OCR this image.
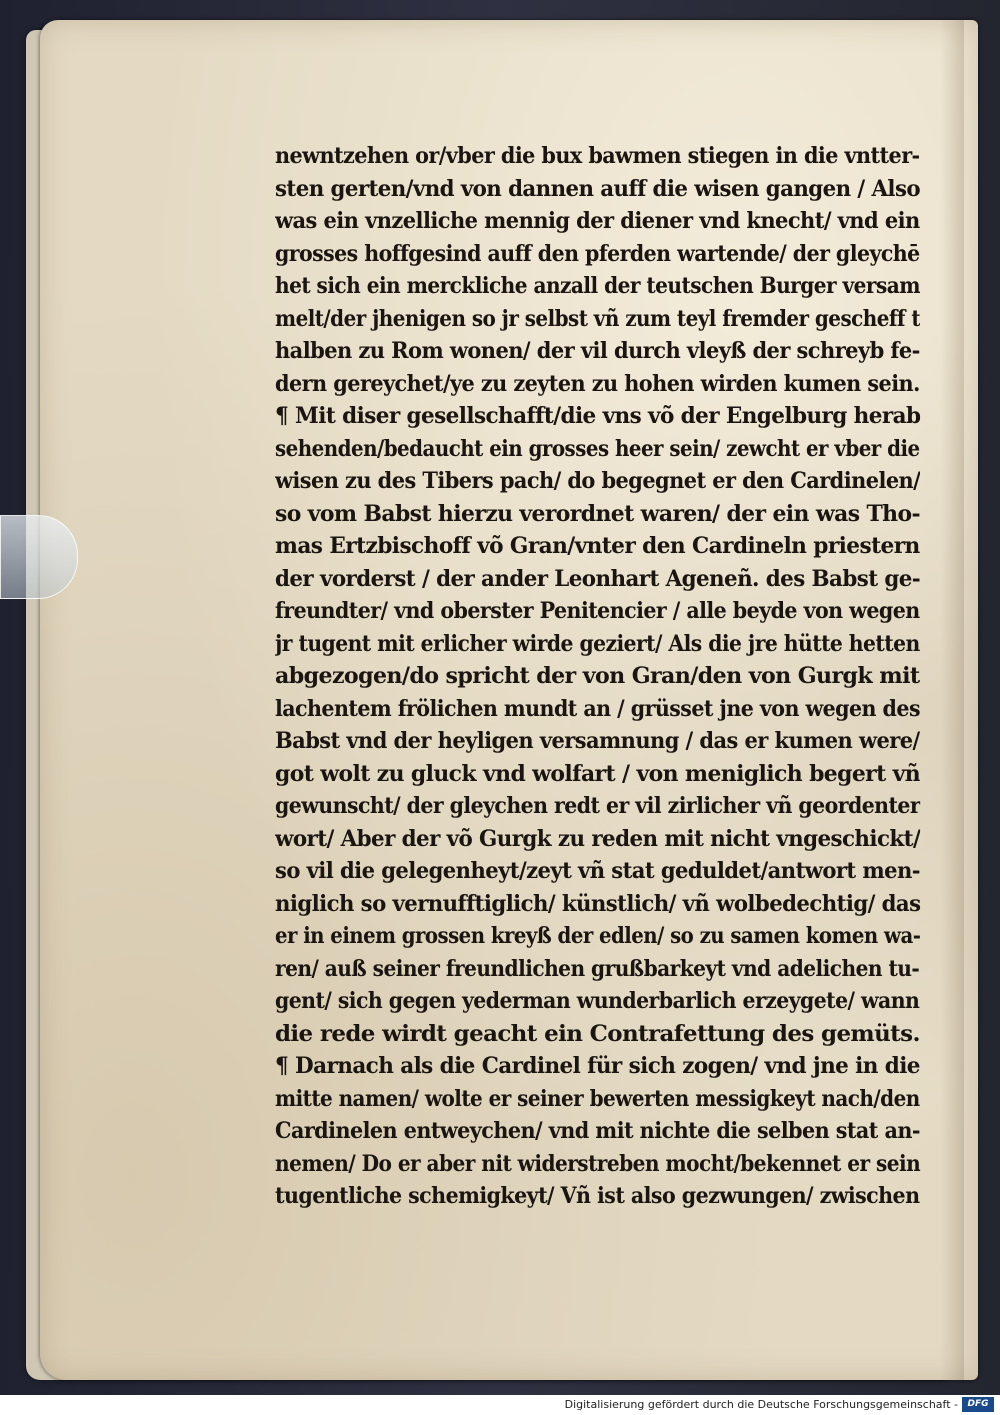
newntzehen or/vber die bux bawmen stiegen in die vntter-
sten gerten/vnd von dannen auff die wisen gangen / Also
was ein vnzelliche mennig der diener vnd knecht/ vnd ein
grosses hoffgesind auff den pferden wartende/ der gleychē
het sich ein merckliche anzall der teutschen Burger versam
melt/der jhenigen so jr selbst vñ zum teyl fremder gescheff t
halben zu Rom wonen/ der vil durch vleyß der schreyb fe-
dern gereychet/ye zu zeyten zu hohen wirden kumen sein.
¶ Mit diser gesellschafft/die vns võ der Engelburg herab
sehenden/bedaucht ein grosses heer sein/ zewcht er vber die
wisen zu des Tibers pach/ do begegnet er den Cardinelen/
so vom Babst hierzu verordnet waren/ der ein was Tho-
mas Ertzbischoff võ Gran/vnter den Cardineln priestern
der vorderst / der ander Leonhart Ageneñ. des Babst ge-
freundter/ vnd oberster Penitencier / alle beyde von wegen
jr tugent mit erlicher wirde geziert/ Als die jre hütte hetten
abgezogen/do spricht der von Gran/den von Gurgk mit
lachentem frölichen mundt an / grüsset jne von wegen des
Babst vnd der heyligen versamnung / das er kumen were/
got wolt zu gluck vnd wolfart / von meniglich begert vñ
gewunscht/ der gleychen redt er vil zirlicher vñ geordenter
wort/ Aber der võ Gurgk zu reden mit nicht vngeschickt/
so vil die gelegenheyt/zeyt vñ stat geduldet/antwort men-
niglich so vernufftiglich/ künstlich/ vñ wolbedechtig/ das
er in einem grossen kreyß der edlen/ so zu samen komen wa-
ren/ auß seiner freundlichen grußbarkeyt vnd adelichen tu-
gent/ sich gegen yederman wunderbarlich erzeygete/ wann
die rede wirdt geacht ein Contrafettung des gemüts.
¶ Darnach als die Cardinel für sich zogen/ vnd jne in die
mitte namen/ wolte er seiner bewerten messigkeyt nach/den
Cardinelen entweychen/ vnd mit nichte die selben stat an-
nemen/ Do er aber nit widerstreben mocht/bekennet er sein
tugentliche schemigkeyt/ Vñ ist also gezwungen/ zwischen
Digitalisierung gefördert durch die Deutsche Forschungsgemeinschaft -	DFG
